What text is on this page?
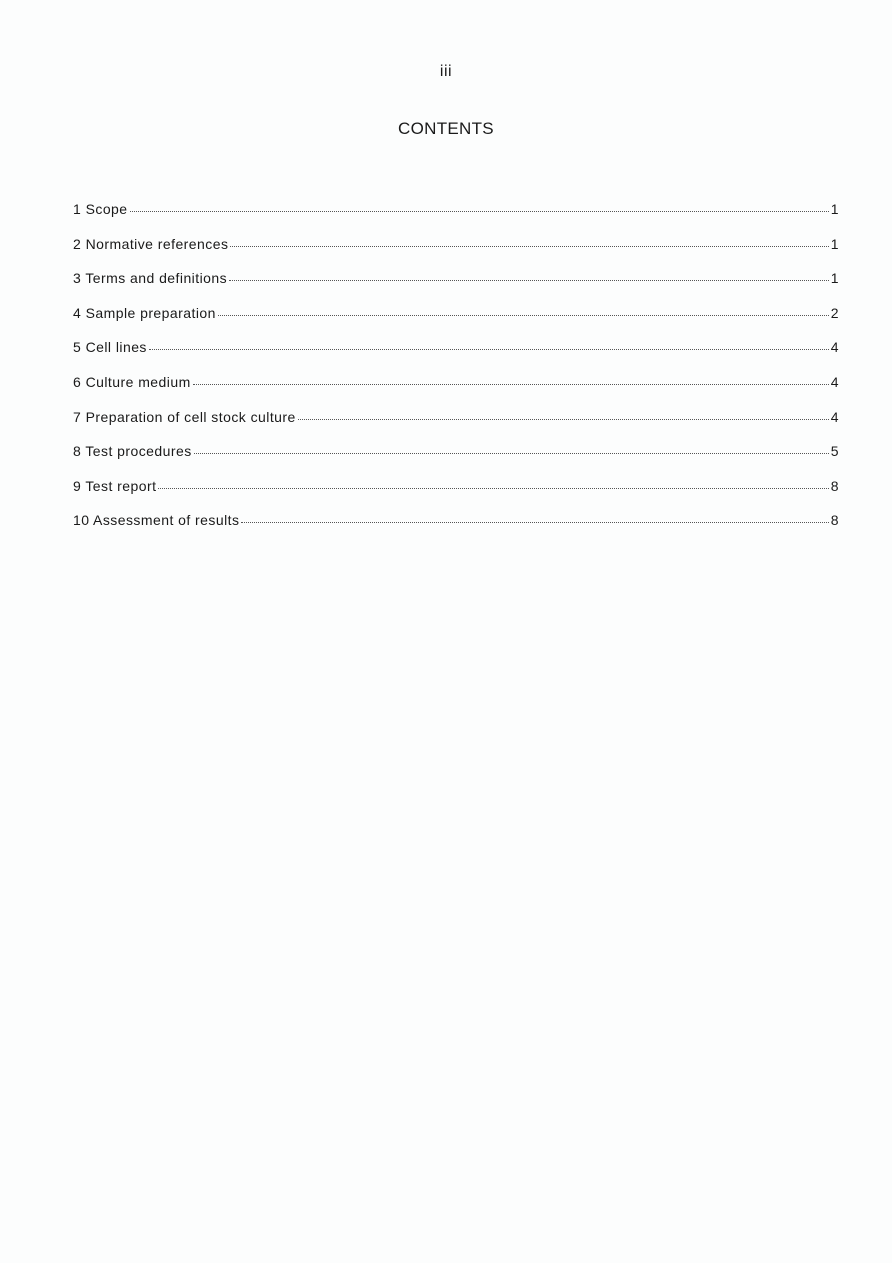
iii
CONTENTS
1 Scope	1
2 Normative references	1
3 Terms and definitions	1
4 Sample preparation	2
5 Cell lines	4
6 Culture medium	4
7 Preparation of cell stock culture	4
8 Test procedures	5
9 Test report	8
10 Assessment of results	8
